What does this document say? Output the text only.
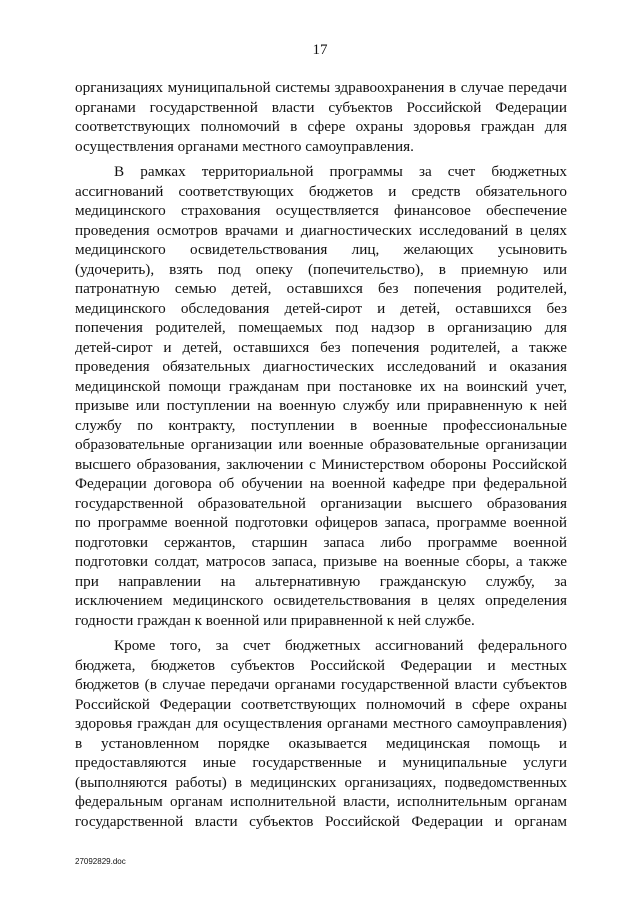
17
организациях муниципальной системы здравоохранения в случае передачи
органами государственной власти субъектов Российской Федерации
соответствующих полномочий в сфере охраны здоровья граждан для
осуществления органами местного самоуправления.
В рамках территориальной программы за счет бюджетных
ассигнований соответствующих бюджетов и средств обязательного
медицинского страхования осуществляется финансовое обеспечение
проведения осмотров врачами и диагностических исследований в целях
медицинского освидетельствования лиц, желающих усыновить
(удочерить), взять под опеку (попечительство), в приемную или
патронатную семью детей, оставшихся без попечения родителей,
медицинского обследования детей-сирот и детей, оставшихся без
попечения родителей, помещаемых под надзор в организацию для
детей-сирот и детей, оставшихся без попечения родителей, а также
проведения обязательных диагностических исследований и оказания
медицинской помощи гражданам при постановке их на воинский учет,
призыве или поступлении на военную службу или приравненную к ней
службу по контракту, поступлении в военные профессиональные
образовательные организации или военные образовательные организации
высшего образования, заключении с Министерством обороны Российской
Федерации договора об обучении на военной кафедре при федеральной
государственной образовательной организации высшего образования
по программе военной подготовки офицеров запаса, программе военной
подготовки сержантов, старшин запаса либо программе военной
подготовки солдат, матросов запаса, призыве на военные сборы, а также
при направлении на альтернативную гражданскую службу, за
исключением медицинского освидетельствования в целях определения
годности граждан к военной или приравненной к ней службе.
Кроме того, за счет бюджетных ассигнований федерального
бюджета, бюджетов субъектов Российской Федерации и местных
бюджетов (в случае передачи органами государственной власти субъектов
Российской Федерации соответствующих полномочий в сфере охраны
здоровья граждан для осуществления органами местного самоуправления)
в установленном порядке оказывается медицинская помощь и
предоставляются иные государственные и муниципальные услуги
(выполняются работы) в медицинских организациях, подведомственных
федеральным органам исполнительной власти, исполнительным органам
государственной власти субъектов Российской Федерации и органам
27092829.doc
